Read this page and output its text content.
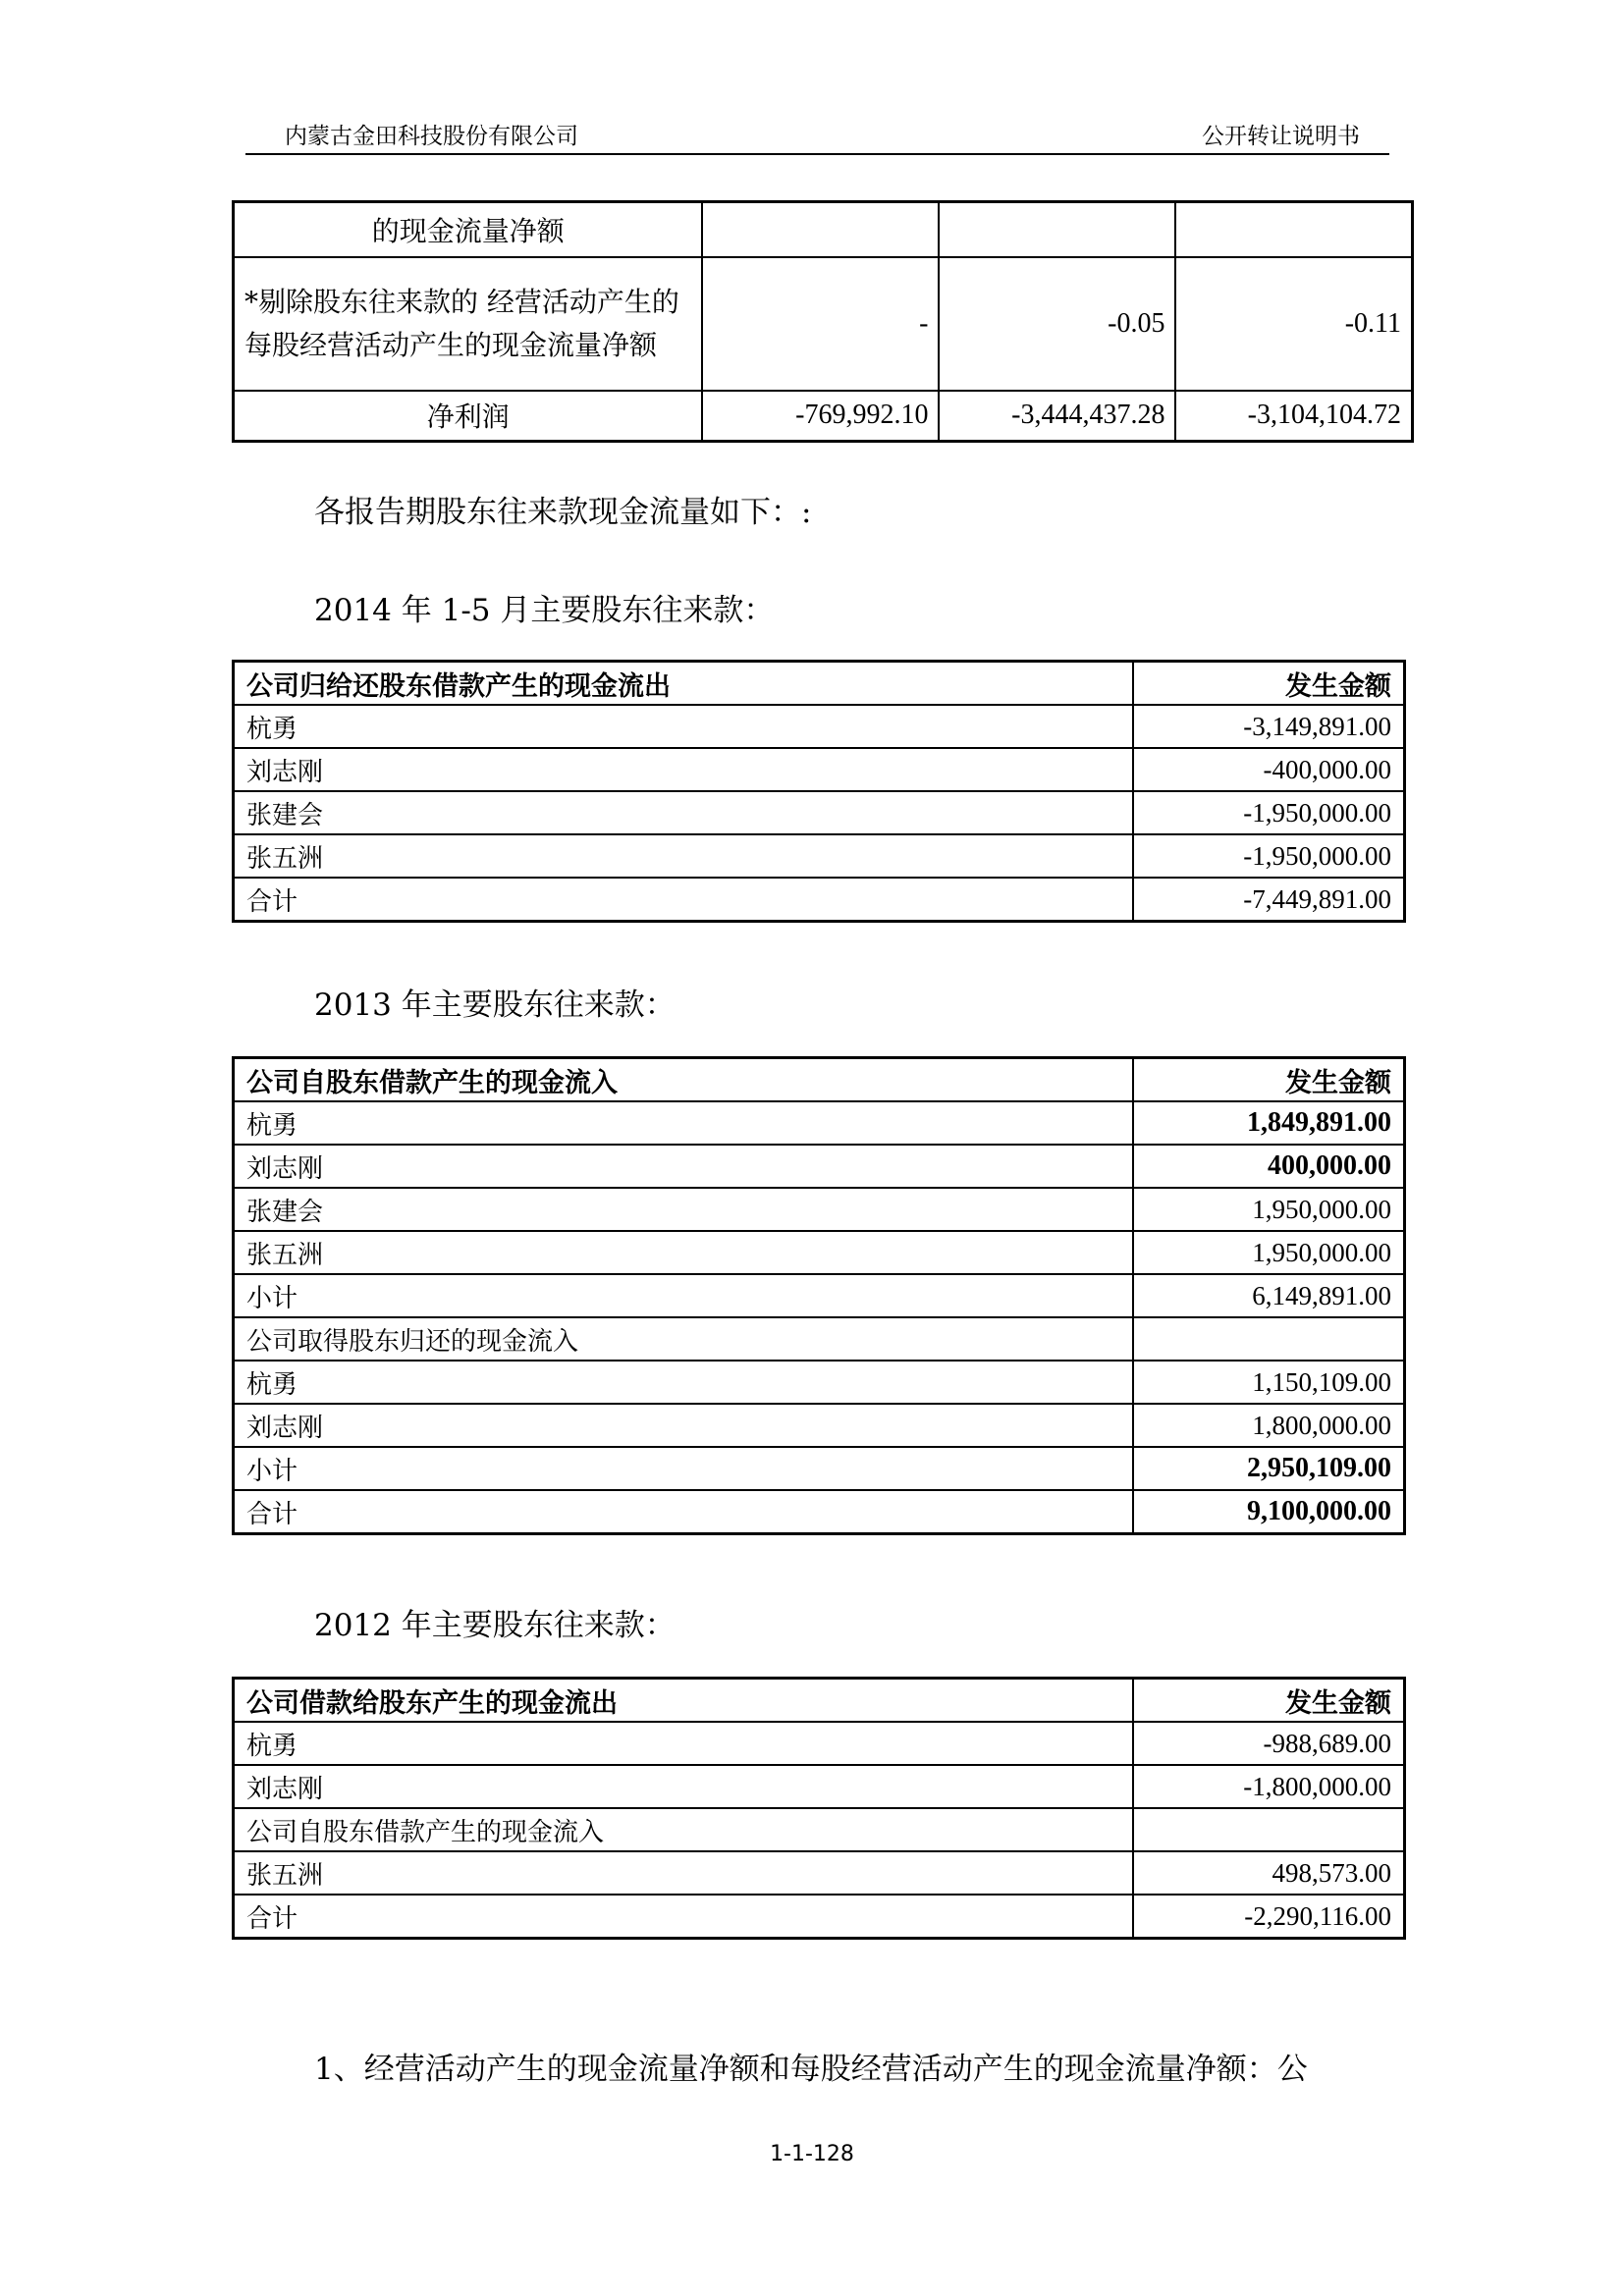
内蒙古金田科技股份有限公司	公开转让说明书
的现金流量净额			
*剔除股东往来款的 经营活动产生的每股经营活动产生的现金流量净额	-	-0.05	-0.11
净利润	-769,992.10	-3,444,437.28	-3,104,104.72
各报告期股东往来款现金流量如下：:
2014 年 1-5 月主要股东往来款：
公司归给还股东借款产生的现金流出	发生金额
杭勇	-3,149,891.00
刘志刚	-400,000.00
张建会	-1,950,000.00
张五洲	-1,950,000.00
合计	-7,449,891.00
2013 年主要股东往来款：
公司自股东借款产生的现金流入	发生金额
杭勇	1,849,891.00
刘志刚	400,000.00
张建会	1,950,000.00
张五洲	1,950,000.00
小计	6,149,891.00
公司取得股东归还的现金流入	
杭勇	1,150,109.00
刘志刚	1,800,000.00
小计	2,950,109.00
合计	9,100,000.00
2012 年主要股东往来款：
公司借款给股东产生的现金流出	发生金额
杭勇	-988,689.00
刘志刚	-1,800,000.00
公司自股东借款产生的现金流入	
张五洲	498,573.00
合计	-2,290,116.00
1、经营活动产生的现金流量净额和每股经营活动产生的现金流量净额：公
1-1-128
